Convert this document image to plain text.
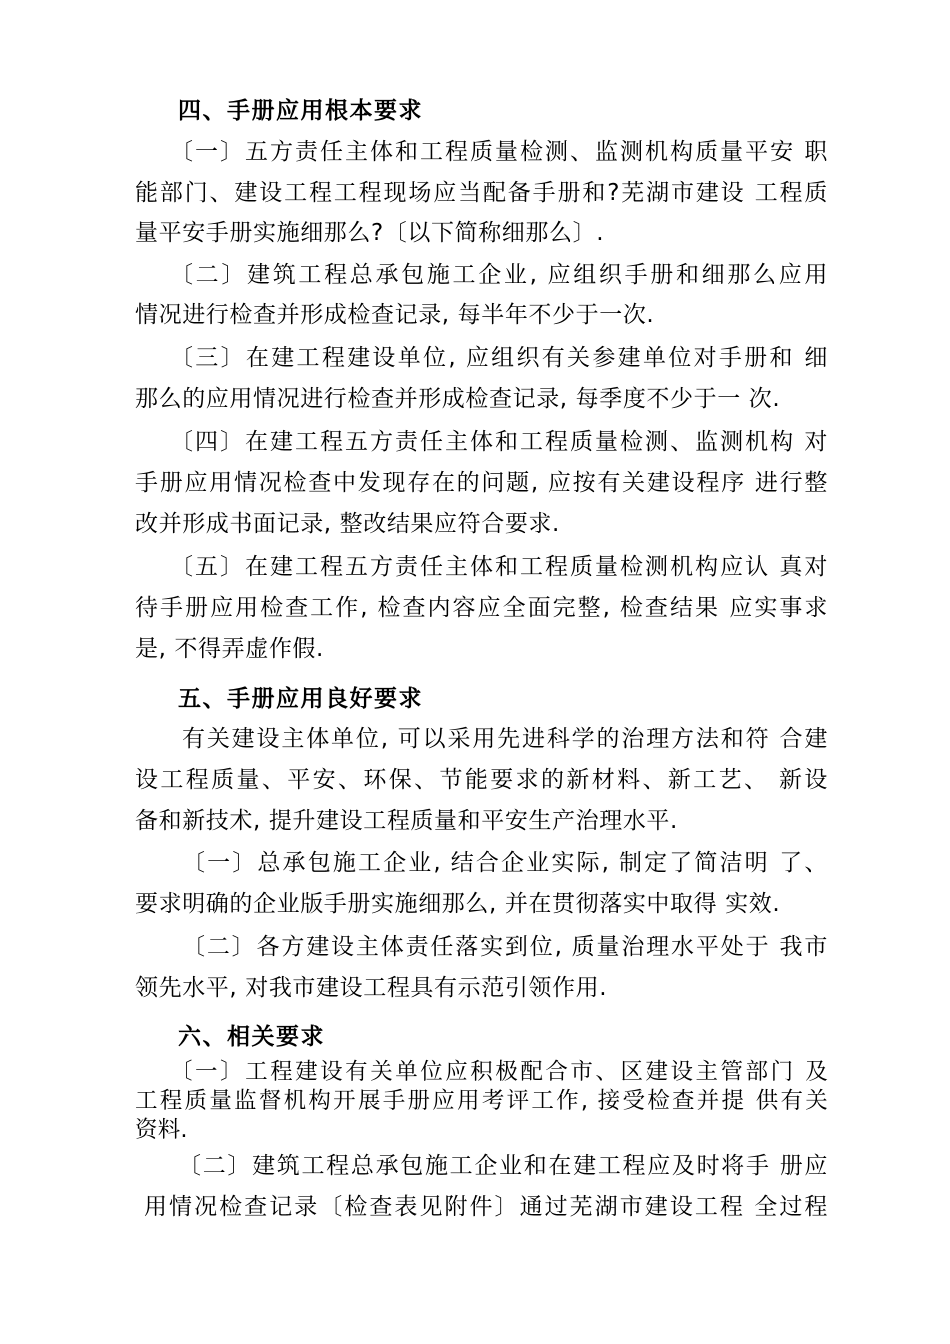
四、手册应用根本要求
〔一〕五方责任主体和工程质量检测、监测机构质量平安 职
能部门、建设工程工程现场应当配备手册和?芜湖市建设 工程质
量平安手册实施细那么?〔以下简称细那么〕.
〔二〕建筑工程总承包施工企业, 应组织手册和细那么应用
情况进行检查并形成检查记录, 每半年不少于一次.
〔三〕在建工程建设单位, 应组织有关参建单位对手册和 细
那么的应用情况进行检查并形成检查记录, 每季度不少于一 次.
〔四〕在建工程五方责任主体和工程质量检测、监测机构 对
手册应用情况检查中发现存在的问题, 应按有关建设程序 进行整
改并形成书面记录, 整改结果应符合要求.
〔五〕在建工程五方责任主体和工程质量检测机构应认 真对
待手册应用检查工作, 检查内容应全面完整, 检查结果 应实事求
是, 不得弄虚作假.
五、手册应用良好要求
有关建设主体单位, 可以采用先进科学的治理方法和符 合建
设工程质量、平安、环保、节能要求的新材料、新工艺、 新设
备和新技术, 提升建设工程质量和平安生产治理水平.
〔一〕总承包施工企业, 结合企业实际, 制定了简洁明 了、
要求明确的企业版手册实施细那么, 并在贯彻落实中取得 实效.
〔二〕各方建设主体责任落实到位, 质量治理水平处于 我市
领先水平, 对我市建设工程具有示范引领作用.
六、相关要求
〔一〕工程建设有关单位应积极配合市、区建设主管部门 及
工程质量监督机构开展手册应用考评工作, 接受检查并提 供有关
资料.
〔二〕建筑工程总承包施工企业和在建工程应及时将手 册应
用情况检查记录〔检查表见附件〕通过芜湖市建设工程 全过程
